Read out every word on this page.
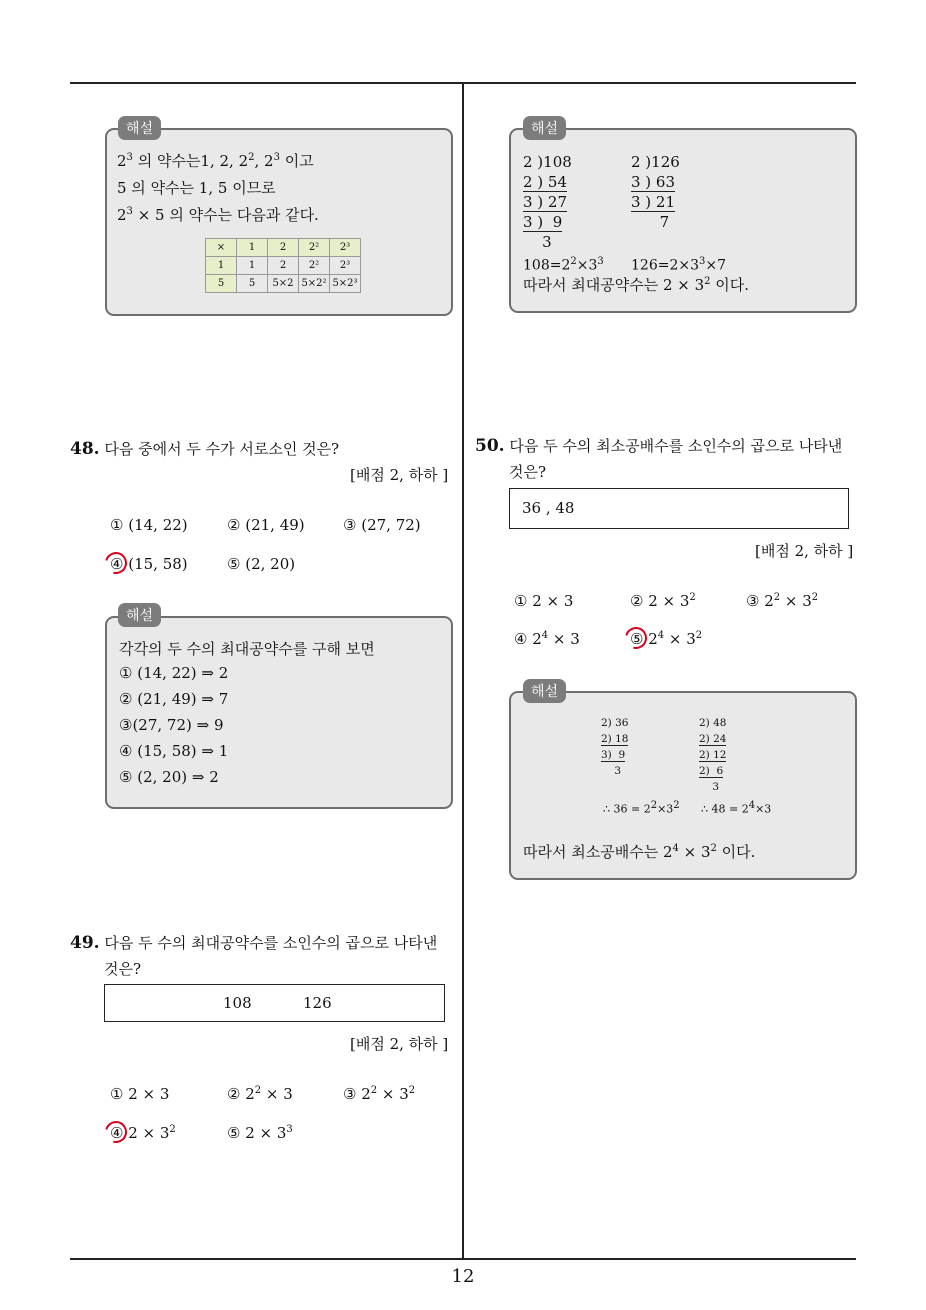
$2^3$ 의 약수는1, 2, $2^2$, $2^3$ 이고
5 의 약수는 1, 5 이므로
$2^3 \times 5$ 의 약수는 다음과 같다.
×	1	2	2²	2³
1	1	2	2²	2³
5	5	5×2	5×2²	5×2³
해설
48. 다음 중에서 두 수가 서로소인 것은?
[배점 2, 하하 ]
① (14, 22)	② (21, 49)	③ (27, 72)
④ (15, 58)	⑤ (2, 20)
각각의 두 수의 최대공약수를 구해 보면
① (14, 22) ⇒ 2
② (21, 49) ⇒ 7
③(27, 72) ⇒ 9
④ (15, 58) ⇒ 1
⑤ (2, 20) ⇒ 2
해설
49. 다음 두 수의 최대공약수를 소인수의 곱으로 나타낸
것은?
108	126
[배점 2, 하하 ]
① 2 × 3	② $2^2 \times 3$	③ $2^2 \times 3^2$
④ $2 \times 3^2$	⑤ $2 \times 3^3$
2 )108
2 ) 54
3 ) 27
3 )  9
3
2 )126
3 ) 63
3 ) 21
7
$108=2^2\times 3^3$ $126=2\times 3^3\times 7$
따라서 최대공약수는 $2 \times 3^2$ 이다.
해설
50. 다음 두 수의 최소공배수를 소인수의 곱으로 나타낸
것은?
36 , 48
[배점 2, 하하 ]
① 2 × 3	② $2 \times 3^2$	③ $2^2 \times 3^2$
④ $2^4 \times 3$	⑤ $2^4 \times 3^2$
2) 36
2) 18
3)  9
3
2) 48
2) 24
2) 12
2)  6
3
∴ $36 = 2^2\times 3^2$ ∴ $48 = 2^4\times 3$
따라서 최소공배수는 $2^4 \times 3^2$ 이다.
해설
12
